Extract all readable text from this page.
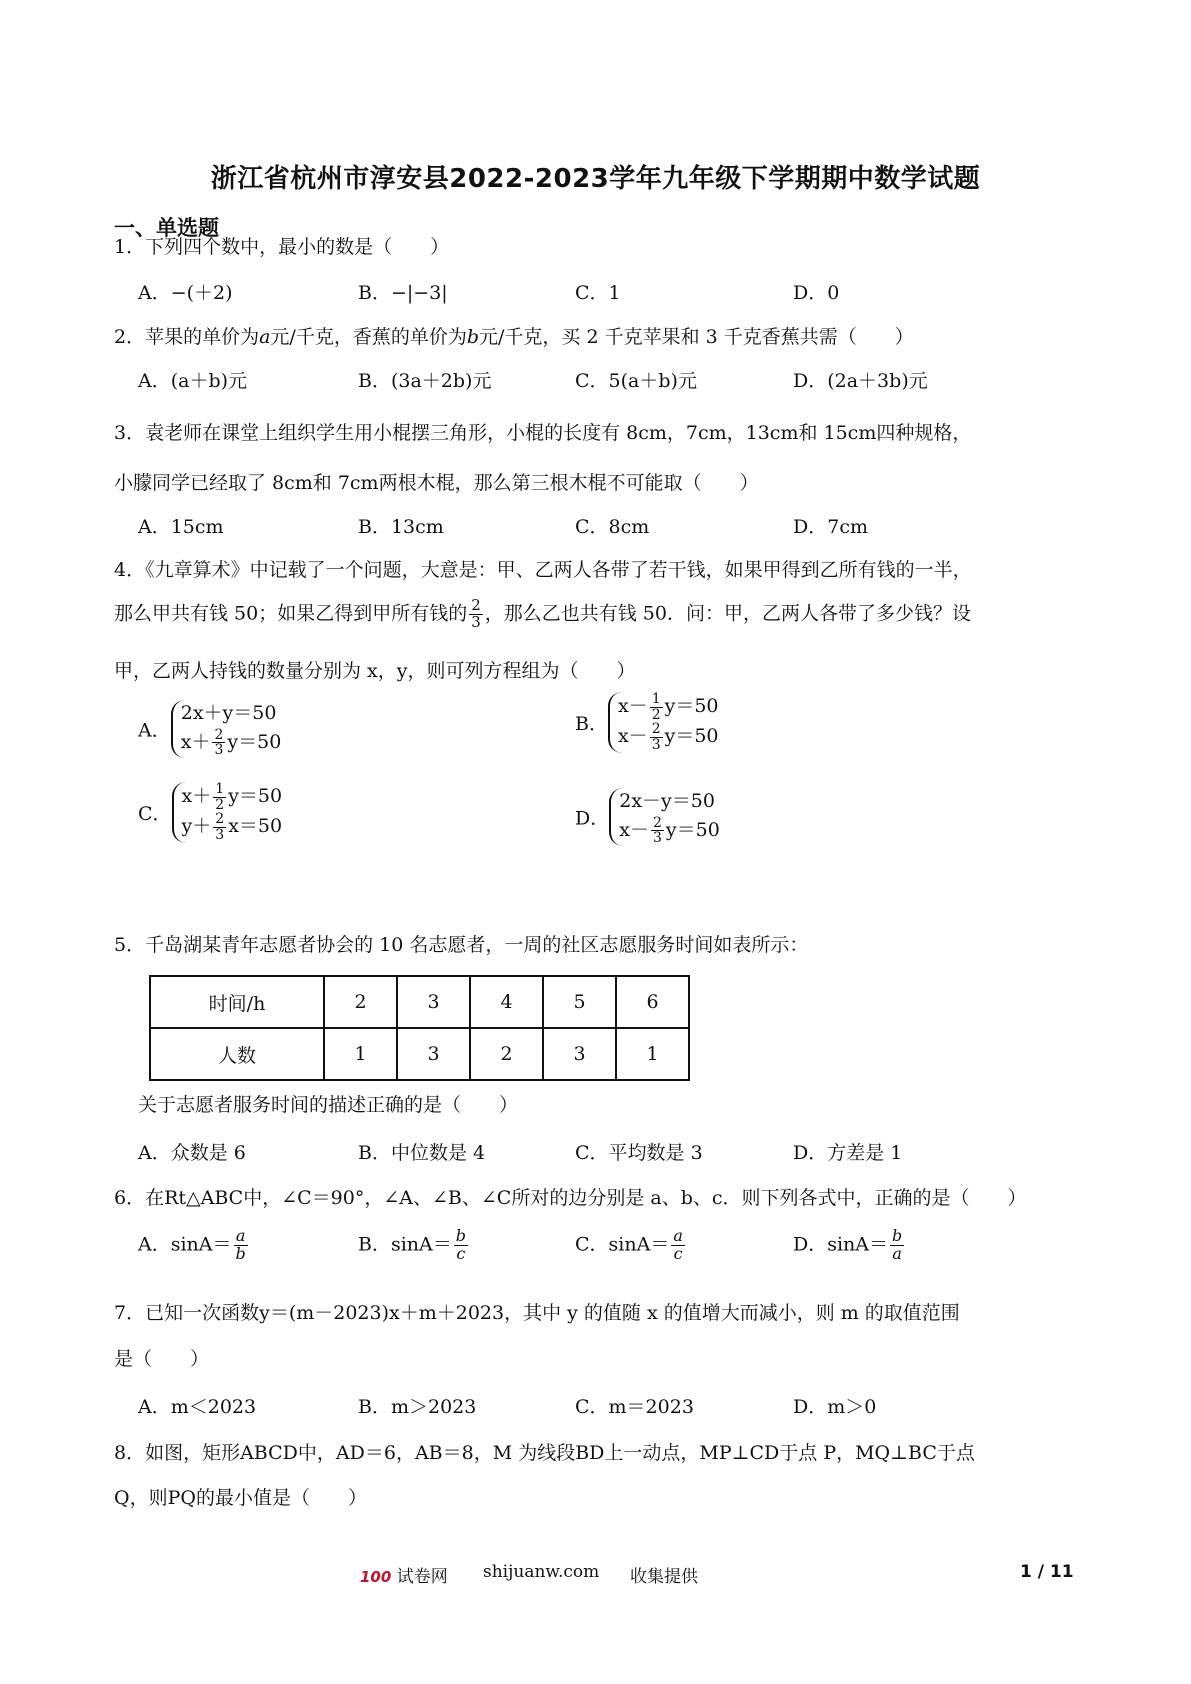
浙江省杭州市淳安县2022-2023学年九年级下学期期中数学试题
一、单选题
1．下列四个数中，最小的数是（　　）
A．−(＋2)	B．−|−3|	C．1	D．0
2．苹果的单价为a元/千克，香蕉的单价为b元/千克，买 2 千克苹果和 3 千克香蕉共需（　　）
A．(a＋b)元	B．(3a＋2b)元	C．5(a＋b)元	D．(2a＋3b)元
3．袁老师在课堂上组织学生用小棍摆三角形，小棍的长度有 8cm，7cm，13cm和 15cm四种规格，
小朦同学已经取了 8cm和 7cm两根木棍，那么第三根木棍不可能取（　　）
A．15cm	B．13cm	C．8cm	D．7cm
4．《九章算术》中记载了一个问题，大意是：甲、乙两人各带了若干钱，如果甲得到乙所有钱的一半，
那么甲共有钱 50；如果乙得到甲所有钱的 $\frac{2}{3}$ ，那么乙也共有钱 50．问：甲，乙两人各带了多少钱？设
甲，乙两人持钱的数量分别为 x，y，则可列方程组为（　　）
A．
2x＋y＝50
$x+ \frac{2}{3} y=50$
B．
$x- \frac{1}{2} y=50$
$x- \frac{2}{3} y=50$
C．
$x+ \frac{1}{2} y=50$
$y+ \frac{2}{3} x=50$	D．
2x－y＝50
$x- \frac{2}{3} y=50$
5．千岛湖某青年志愿者协会的 10 名志愿者，一周的社区志愿服务时间如表所示：
时间/h	2	3	4	5	6
人数	1	3	2	3	1
关于志愿者服务时间的描述正确的是（　　）
A．众数是 6	B．中位数是 4	C．平均数是 3	D．方差是 1
6．在Rt△ABC中，∠C＝90°，∠A、∠B、∠C所对的边分别是 a、b、c．则下列各式中，正确的是（　　）
A．$\sin A= \frac{a}{b}$	B．$\sin A= \frac{b}{c}$	C．$\sin A= \frac{a}{c}$	D．$\sin A= \frac{b}{a}$
7．已知一次函数y＝(m－2023)x＋m＋2023，其中 y 的值随 x 的值增大而减小，则 m 的取值范围
是（　　）
A．m＜2023	B．m＞2023	C．m＝2023	D．m＞0
8．如图，矩形ABCD中，AD＝6，AB＝8，M 为线段BD上一动点，MP⊥CD于点 P，MQ⊥BC于点
Q，则PQ的最小值是（　　）
100 试卷网 shijuanw.com 收集提供	1 / 11
